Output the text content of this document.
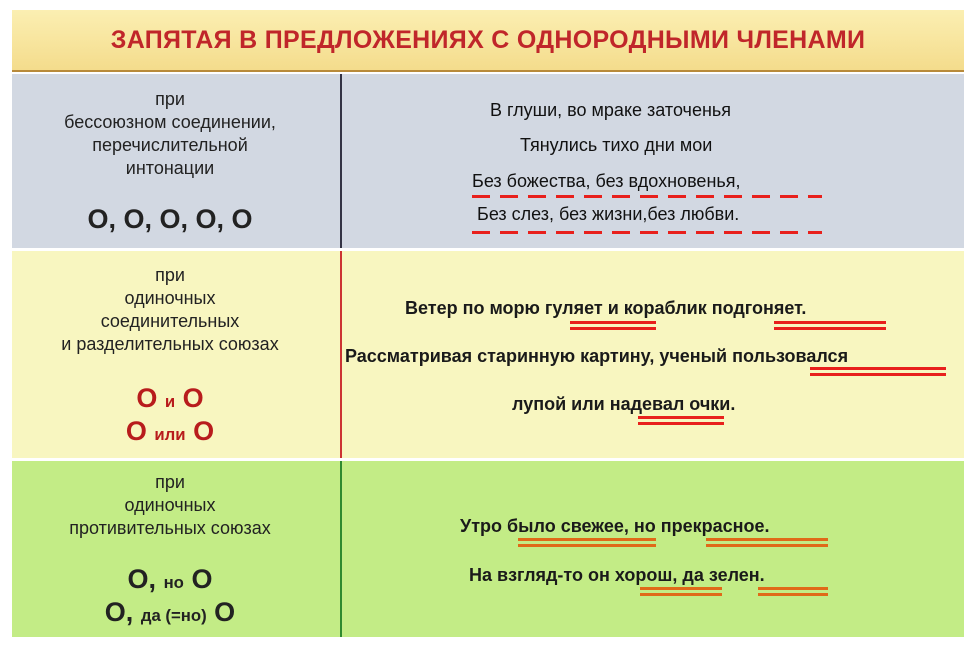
ЗАПЯТАЯ В ПРЕДЛОЖЕНИЯХ С ОДНОРОДНЫМИ ЧЛЕНАМИ
при
бессоюзном соединении,
перечислительной
интонации
О, О, О, О, О
В глуши, во мраке заточенья
Тянулись тихо дни мои
Без божества, без вдохновенья,
Без слез, без жизни,без любви.
при
одиночных
соединительных
и разделительных союзах
О и О
О или О
Ветер по морю гуляет и кораблик подгоняет.
Рассматривая старинную картину, ученый пользовался
лупой или надевал очки.
при
одиночных
противительных союзах
О, но О
О, да (=но) О
Утро было свежее, но прекрасное.
На взгляд-то он хорош, да зелен.
